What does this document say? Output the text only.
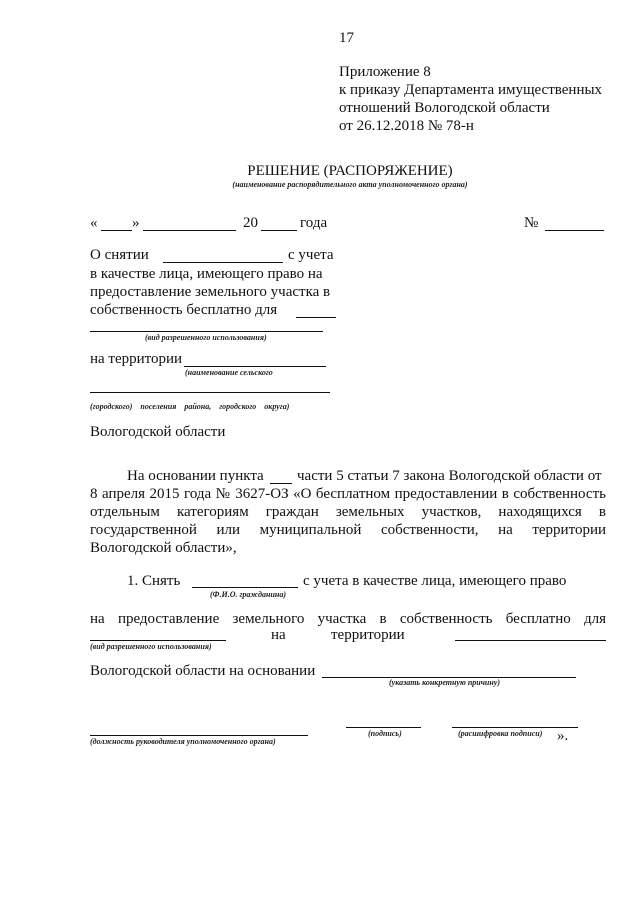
17
Приложение 8
к приказу Департамента имущественных
отношений Вологодской области
от 26.12.2018 № 78-н
РЕШЕНИЕ (РАСПОРЯЖЕНИЕ)
(наименование распорядительного акта уполномоченного органа)
« »	20	года	№
О снятии	с учета
в качестве лица, имеющего право на
предоставление земельного участка в
собственность бесплатно для
(вид разрешенного использования)
на территории
(наименование сельского
(городского) поселения района, городского округа)
Вологодской области
На основании пункта части 5 статьи 7 закона Вологодской области от
8 апреля 2015 года № 3627-ОЗ «О бесплатном предоставлении в собственность
отдельным категориям граждан земельных участков, находящихся в
государственной или муниципальной собственности, на территории
Вологодской области»,
1. Снять
(Ф.И.О. гражданина)
с учета в качестве лица, имеющего право
на предоставление земельного участка в собственность бесплатно для
(вид разрешенного использования)
на	территории
Вологодской области на основании
(указать конкретную причину)
(должность руководителя уполномоченного органа)
(подпись)	(расшифровка подписи) ».
